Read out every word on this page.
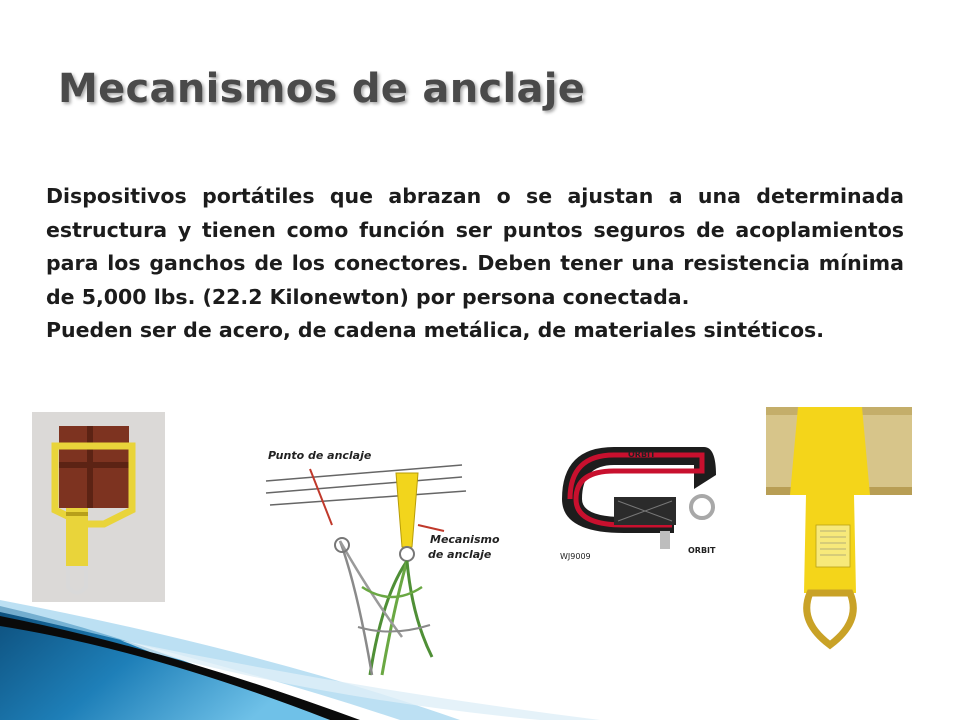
Mecanismos de anclaje

Dispositivos portátiles que abrazan o se ajustan a una determinada estructura y tienen como función ser puntos seguros de acoplamientos para los ganchos de los conectores. Deben tener una resistencia mínima de 5,000 lbs. (22.2 Kilonewton) por persona conectada.

Pueden ser de acero, de cadena metálica, de materiales sintéticos.

Punto de anclaje
Mecanismo
de anclaje	WJ9009
ORBIT
ORBIT
